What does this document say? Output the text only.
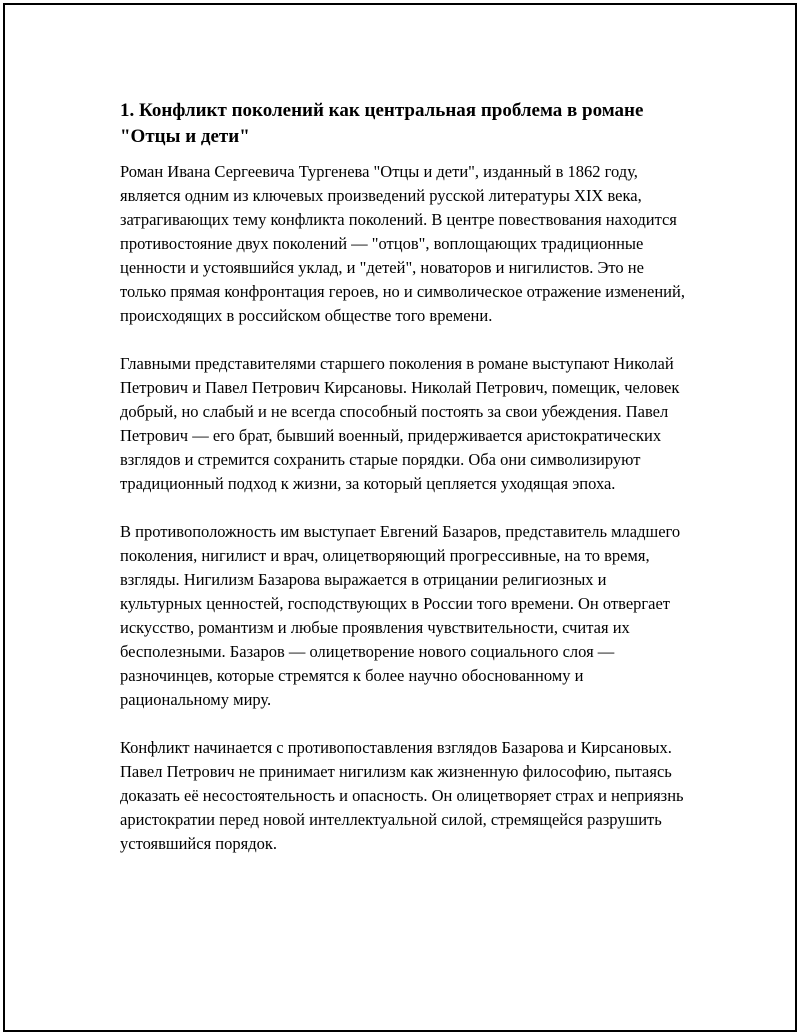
1. Конфликт поколений как центральная проблема в романе "Отцы и дети"

Роман Ивана Сергеевича Тургенева "Отцы и дети", изданный в 1862 году, является одним из ключевых произведений русской литературы XIX века, затрагивающих тему конфликта поколений. В центре повествования находится противостояние двух поколений — "отцов", воплощающих традиционные ценности и устоявшийся уклад, и "детей", новаторов и нигилистов. Это не только прямая конфронтация героев, но и символическое отражение изменений, происходящих в российском обществе того времени.

Главными представителями старшего поколения в романе выступают Николай Петрович и Павел Петрович Кирсановы. Николай Петрович, помещик, человек добрый, но слабый и не всегда способный постоять за свои убеждения. Павел Петрович — его брат, бывший военный, придерживается аристократических взглядов и стремится сохранить старые порядки. Оба они символизируют традиционный подход к жизни, за который цепляется уходящая эпоха.

В противоположность им выступает Евгений Базаров, представитель младшего поколения, нигилист и врач, олицетворяющий прогрессивные, на то время, взгляды. Нигилизм Базарова выражается в отрицании религиозных и культурных ценностей, господствующих в России того времени. Он отвергает искусство, романтизм и любые проявления чувствительности, считая их бесполезными. Базаров — олицетворение нового социального слоя — разночинцев, которые стремятся к более научно обоснованному и рациональному миру.

Конфликт начинается с противопоставления взглядов Базарова и Кирсановых. Павел Петрович не принимает нигилизм как жизненную философию, пытаясь доказать её несостоятельность и опасность. Он олицетворяет страх и неприязнь аристократии перед новой интеллектуальной силой, стремящейся разрушить устоявшийся порядок.
